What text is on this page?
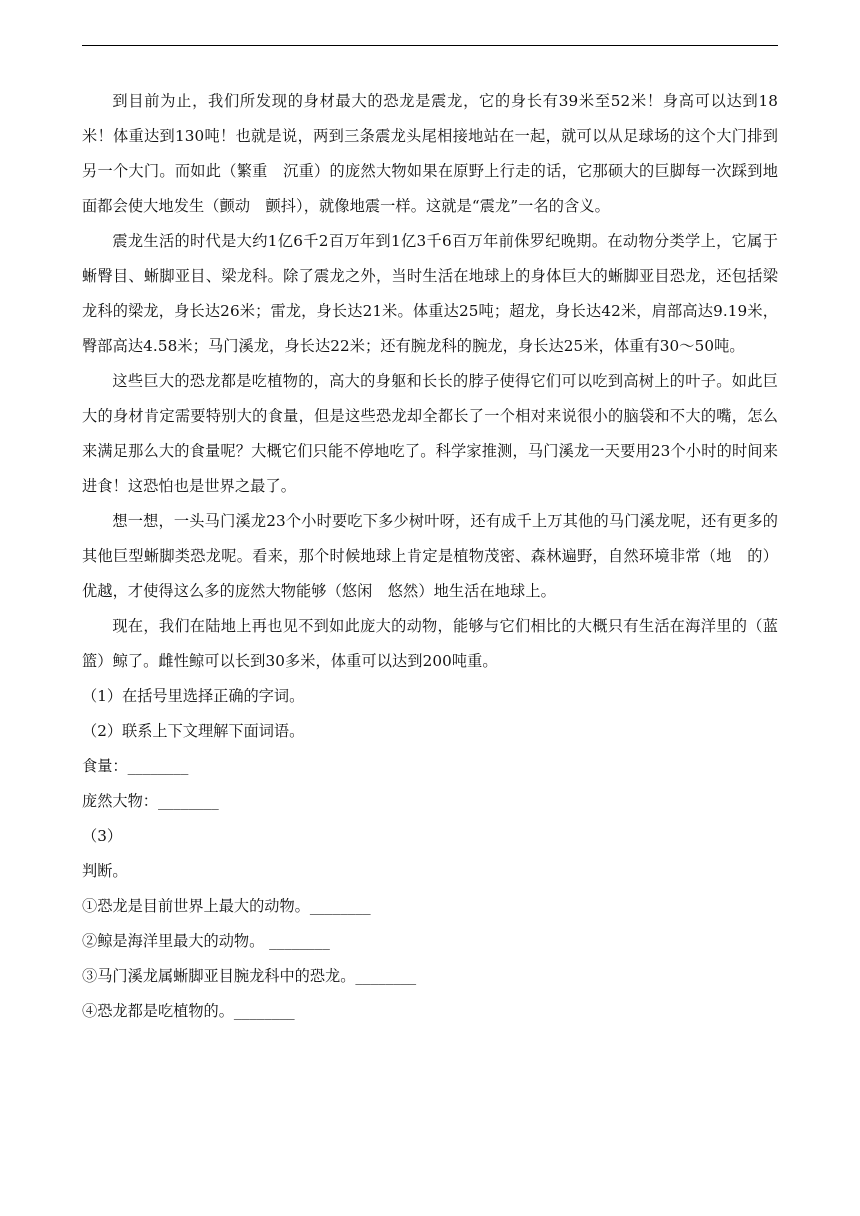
到目前为止，我们所发现的身材最大的恐龙是震龙，它的身长有39米至52米！身高可以达到18米！体重达到130吨！也就是说，两到三条震龙头尾相接地站在一起，就可以从足球场的这个大门排到另一个大门。而如此（繁重　沉重）的庞然大物如果在原野上行走的话，它那硕大的巨脚每一次踩到地面都会使大地发生（颤动　颤抖），就像地震一样。这就是“震龙”一名的含义。

震龙生活的时代是大约1亿6千2百万年到1亿3千6百万年前侏罗纪晚期。在动物分类学上，它属于蜥臀目、蜥脚亚目、梁龙科。除了震龙之外，当时生活在地球上的身体巨大的蜥脚亚目恐龙，还包括梁龙科的梁龙，身长达26米；雷龙，身长达21米。体重达25吨；超龙，身长达42米，肩部高达9.19米，臀部高达4.58米；马门溪龙，身长达22米；还有腕龙科的腕龙，身长达25米，体重有30～50吨。

这些巨大的恐龙都是吃植物的，高大的身躯和长长的脖子使得它们可以吃到高树上的叶子。如此巨大的身材肯定需要特别大的食量，但是这些恐龙却全都长了一个相对来说很小的脑袋和不大的嘴，怎么来满足那么大的食量呢？大概它们只能不停地吃了。科学家推测，马门溪龙一天要用23个小时的时间来进食！这恐怕也是世界之最了。

想一想，一头马门溪龙23个小时要吃下多少树叶呀，还有成千上万其他的马门溪龙呢，还有更多的其他巨型蜥脚类恐龙呢。看来，那个时候地球上肯定是植物茂密、森林遍野，自然环境非常（地　的）优越，才使得这么多的庞然大物能够（悠闲　悠然）地生活在地球上。

现在，我们在陆地上再也见不到如此庞大的动物，能够与它们相比的大概只有生活在海洋里的（蓝　篮）鲸了。雌性鲸可以长到30多米，体重可以达到200吨重。

（1）在括号里选择正确的字词。

（2）联系上下文理解下面词语。

食量：________

庞然大物：________

（3）

判断。

①恐龙是目前世界上最大的动物。________

②鲸是海洋里最大的动物。 ________

③马门溪龙属蜥脚亚目腕龙科中的恐龙。________

④恐龙都是吃植物的。________
